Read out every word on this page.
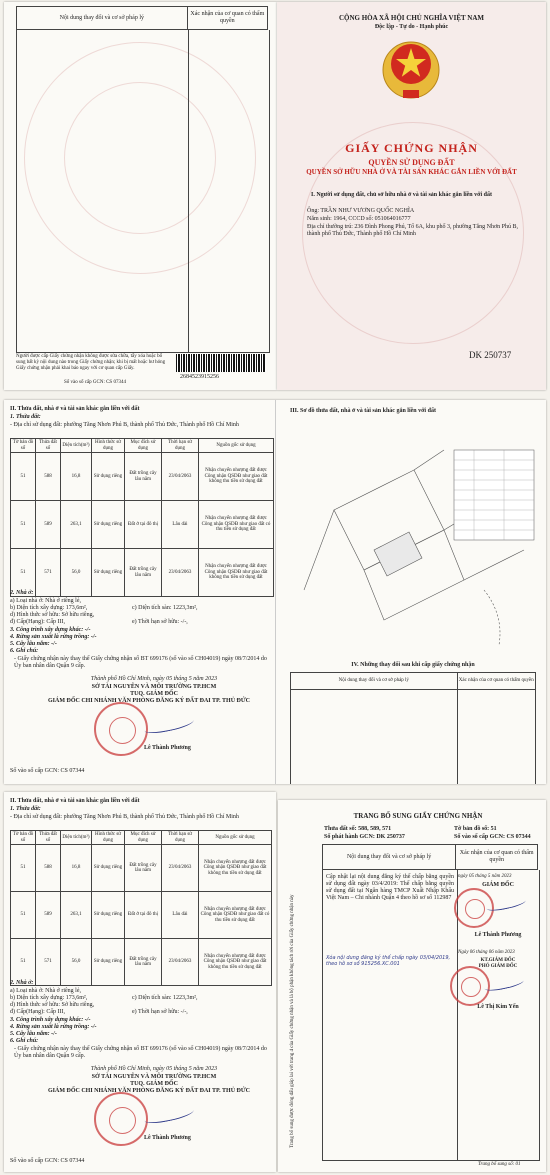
Nội dung thay đổi và cơ sở pháp lý	Xác nhận của cơ quan có thẩm quyền
Người được cấp Giấy chứng nhận không được sửa chữa, tẩy xóa hoặc bổ sung bất kỳ nội dung nào trong Giấy chứng nhận; khi bị mất hoặc hư hỏng Giấy chứng nhận phải khai báo ngay với cơ quan cấp Giấy.
2684523915256
Số vào sổ cấp GCN: CS 07344
CỘNG HÒA XÃ HỘI CHỦ NGHĨA VIỆT NAM
Độc lập - Tự do - Hạnh phúc
GIẤY CHỨNG NHẬN
QUYỀN SỬ DỤNG ĐẤT
QUYỀN SỞ HỮU NHÀ Ở VÀ TÀI SẢN KHÁC GẮN LIỀN VỚI ĐẤT
I. Người sử dụng đất, chủ sở hữu nhà ở và tài sản khác gắn liền với đất
Ông: TRẦN NHƯ VƯƠNG QUỐC NGHĨA
Năm sinh: 1964, CCCD số: 051064016777
Địa chỉ thường trú: 236 Đình Phong Phú, Tổ 6A, khu phố 3, phường Tăng Nhơn Phú B, thành phố Thủ Đức, Thành phố Hồ Chí Minh
DK 250737
II. Thửa đất, nhà ở và tài sản khác gắn liền với đất
1. Thửa đất:
- Địa chỉ sử dụng đất: phường Tăng Nhơn Phú B, thành phố Thủ Đức, Thành phố Hồ Chí Minh
Tờ bản đồ số	Thửa đất số	Diện tích(m²)	Hình thức sử dụng	Mục đích sử dụng	Thời hạn sử dụng	Nguồn gốc sử dụng
51	588	16,8	Sử dụng riêng	Đất trồng cây lâu năm	23/04/2063	Nhận chuyển nhượng đất được Công nhận QSDĐ như giao đất không thu tiền sử dụng đất
51	589	263,1	Sử dụng riêng	Đất ở tại đô thị	Lâu dài	Nhận chuyển nhượng đất được Công nhận QSDĐ như giao đất có thu tiền sử dụng đất
51	571	56,0	Sử dụng riêng	Đất trồng cây lâu năm	23/04/2063	Nhận chuyển nhượng đất được Công nhận QSDĐ như giao đất không thu tiền sử dụng đất
2. Nhà ở:
a) Loại nhà ở: Nhà ở riêng lẻ,
b) Diện tích xây dựng: 173,6m²,	c) Diện tích sàn: 1223,3m²,
d) Hình thức sở hữu: Sở hữu riêng,
e) Thời hạn sở hữu: -/-,
đ) Cấp(Hạng): Cấp III,
3. Công trình xây dựng khác: -/-
4. Rừng sản xuất là rừng trồng: -/-
5. Cây lâu năm: -/-
6. Ghi chú:
- Giấy chứng nhận này thay thế Giấy chứng nhận số BT 699176 (số vào sổ CH04019) ngày 08/7/2014 do Ủy ban nhân dân Quận 9 cấp.
Thành phố Hồ Chí Minh, ngày 05 tháng 5 năm 2023
SỞ TÀI NGUYÊN VÀ MÔI TRƯỜNG TP.HCM
TUQ. GIÁM ĐỐC
GIÁM ĐỐC CHI NHÁNH VĂN PHÒNG ĐĂNG KÝ ĐẤT ĐAI TP. THỦ ĐỨC
Lê Thành Phương
Số vào sổ cấp GCN: CS 07344
III. Sơ đồ thửa đất, nhà ở và tài sản khác gắn liền với đất
IV. Những thay đổi sau khi cấp giấy chứng nhận
Nội dung thay đổi và cơ sở pháp lý	Xác nhận của cơ quan có thẩm quyền

II. Thửa đất, nhà ở và tài sản khác gắn liền với đất
1. Thửa đất:
- Địa chỉ sử dụng đất: phường Tăng Nhơn Phú B, thành phố Thủ Đức, Thành phố Hồ Chí Minh
Tờ bản đồ số	Thửa đất số	Diện tích(m²)	Hình thức sử dụng	Mục đích sử dụng	Thời hạn sử dụng	Nguồn gốc sử dụng
51	588	16,8	Sử dụng riêng	Đất trồng cây lâu năm	23/04/2063	Nhận chuyển nhượng đất được Công nhận QSDĐ như giao đất không thu tiền sử dụng đất
51	589	263,1	Sử dụng riêng	Đất ở tại đô thị	Lâu dài	Nhận chuyển nhượng đất được Công nhận QSDĐ như giao đất có thu tiền sử dụng đất
51	571	56,0	Sử dụng riêng	Đất trồng cây lâu năm	23/04/2063	Nhận chuyển nhượng đất được Công nhận QSDĐ như giao đất không thu tiền sử dụng đất
2. Nhà ở:
a) Loại nhà ở: Nhà ở riêng lẻ,
b) Diện tích xây dựng: 173,6m²,	c) Diện tích sàn: 1223,3m²,
d) Hình thức sở hữu: Sở hữu riêng,
e) Thời hạn sở hữu: -/-,
đ) Cấp(Hạng): Cấp III,
3. Công trình xây dựng khác: -/-
4. Rừng sản xuất là rừng trồng: -/-
5. Cây lâu năm: -/-
6. Ghi chú:
- Giấy chứng nhận này thay thế Giấy chứng nhận số BT 699176 (số vào sổ CH04019) ngày 08/7/2014 do Ủy ban nhân dân Quận 9 cấp.
Thành phố Hồ Chí Minh, ngày 05 tháng 5 năm 2023
SỞ TÀI NGUYÊN VÀ MÔI TRƯỜNG TP.HCM
TUQ. GIÁM ĐỐC
GIÁM ĐỐC CHI NHÁNH VĂN PHÒNG ĐĂNG KÝ ĐẤT ĐAI TP. THỦ ĐỨC
Lê Thành Phương
Số vào sổ cấp GCN: CS 07344
Trang bổ sung được đóng dấu giáp lai với trang 4 của Giấy chứng nhận và là bộ phận không tách rời của Giấy chứng nhận này
TRANG BỔ SUNG GIẤY CHỨNG NHẬN
Thửa đất số: 588, 589, 571	Tờ bản đồ số: 51
Số phát hành GCN: DK 250737	Số vào sổ cấp GCN: CS 07344
Nội dung thay đổi và cơ sở pháp lý	Xác nhận của cơ quan có thẩm quyền
Cập nhật lại nội dung đăng ký thế chấp bằng quyền sử dụng đất ngày 03/4/2019: Thế chấp bằng quyền sử dụng đất tại Ngân hàng TMCP Xuất Nhập Khẩu Việt Nam – Chi nhánh Quận 4 theo hồ sơ số 112987
ngày 05 tháng 5 năm 2023
GIÁM ĐỐC
Lê Thành Phương
Xóa nội dung đăng ký thế chấp ngày 03/04/2019, theo hồ sơ số 915256.XC.001
Ngày 06 tháng 06 năm 2023
KT.GIÁM ĐỐC
PHÓ GIÁM ĐỐC
Lê Thị Kim Yến
Trang bổ sung số: 01
